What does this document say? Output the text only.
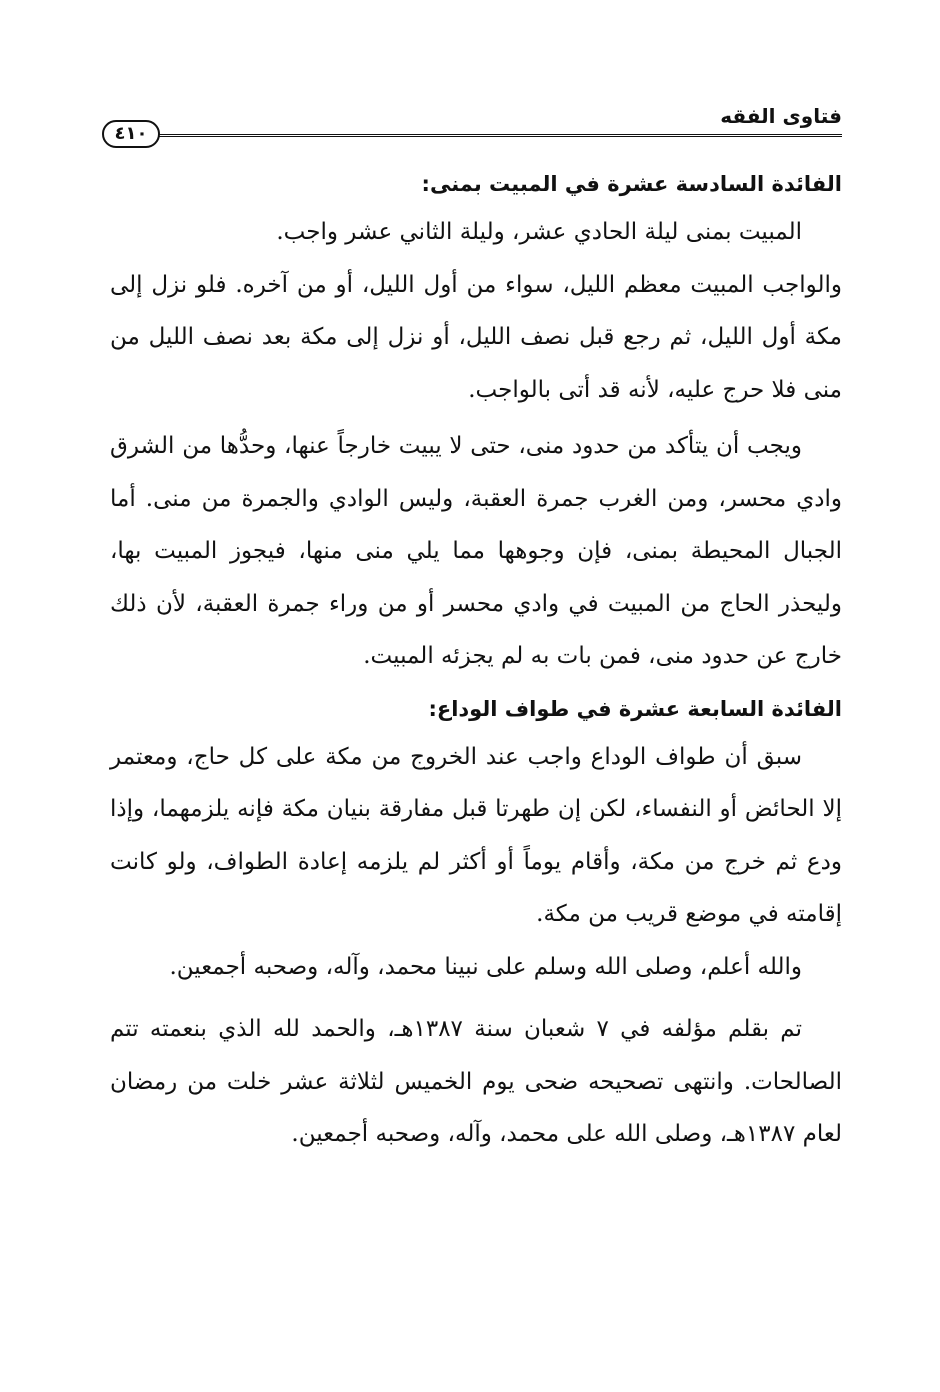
فتاوى الفقه
٤١٠
الفائدة السادسة عشرة في المبيت بمنى:

المبيت بمنى ليلة الحادي عشر، وليلة الثاني عشر واجب.

والواجب المبيت معظم الليل، سواء من أول الليل، أو من آخره. فلو نزل إلى مكة أول الليل، ثم رجع قبل نصف الليل، أو نزل إلى مكة بعد نصف الليل من منى فلا حرج عليه، لأنه قد أتى بالواجب.

ويجب أن يتأكد من حدود منى، حتى لا يبيت خارجاً عنها، وحدُّها من الشرق وادي محسر، ومن الغرب جمرة العقبة، وليس الوادي والجمرة من منى. أما الجبال المحيطة بمنى، فإن وجوهها مما يلي منى منها، فيجوز المبيت بها، وليحذر الحاج من المبيت في وادي محسر أو من وراء جمرة العقبة، لأن ذلك خارج عن حدود منى، فمن بات به لم يجزئه المبيت.

الفائدة السابعة عشرة في طواف الوداع:

سبق أن طواف الوداع واجب عند الخروج من مكة على كل حاج، ومعتمر إلا الحائض أو النفساء، لكن إن طهرتا قبل مفارقة بنيان مكة فإنه يلزمهما، وإذا ودع ثم خرج من مكة، وأقام يوماً أو أكثر لم يلزمه إعادة الطواف، ولو كانت إقامته في موضع قريب من مكة.

والله أعلم، وصلى الله وسلم على نبينا محمد، وآله، وصحبه أجمعين.

تم بقلم مؤلفه في ٧ شعبان سنة ١٣٨٧هـ، والحمد لله الذي بنعمته تتم الصالحات. وانتهى تصحيحه ضحى يوم الخميس لثلاثة عشر خلت من رمضان لعام ١٣٨٧هـ، وصلى الله على محمد، وآله، وصحبه أجمعين.
